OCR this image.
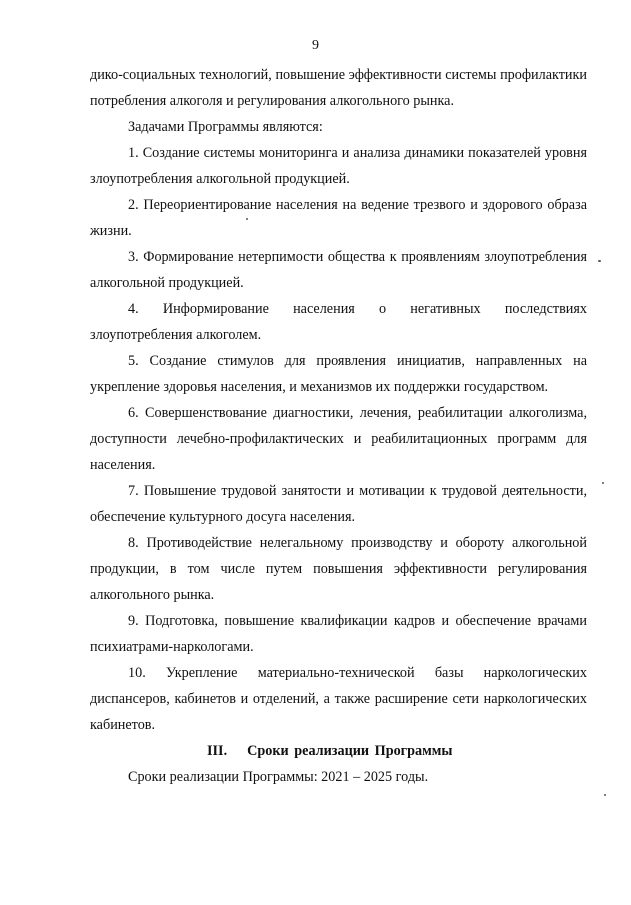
9

дико-социальных технологий, повышение эффективности системы профилактики потребления алкоголя и регулирования алкогольного рынка.

Задачами Программы являются:

1. Создание системы мониторинга и анализа динамики показателей уровня злоупотребления алкогольной продукцией.

2. Переориентирование населения на ведение трезвого и здорового образа жизни.

3. Формирование нетерпимости общества к проявлениям злоупотребления алкогольной продукцией.

4. Информирование населения о негативных последствиях злоупотребления алкоголем.

5. Создание стимулов для проявления инициатив, направленных на укрепление здоровья населения, и механизмов их поддержки государством.

6. Совершенствование диагностики, лечения, реабилитации алкоголизма, доступности лечебно-профилактических и реабилитационных программ для населения.

7. Повышение трудовой занятости и мотивации к трудовой деятельности, обеспечение культурного досуга населения.

8. Противодействие нелегальному производству и обороту алкогольной продукции, в том числе путем повышения эффективности регулирования алкогольного рынка.

9. Подготовка, повышение квалификации кадров и обеспечение врачами психиатрами-наркологами.

10. Укрепление материально-технической базы наркологических диспансеров, кабинетов и отделений, а также расширение сети наркологических кабинетов.

III. Сроки реализации Программы

Сроки реализации Программы: 2021 – 2025 годы.
